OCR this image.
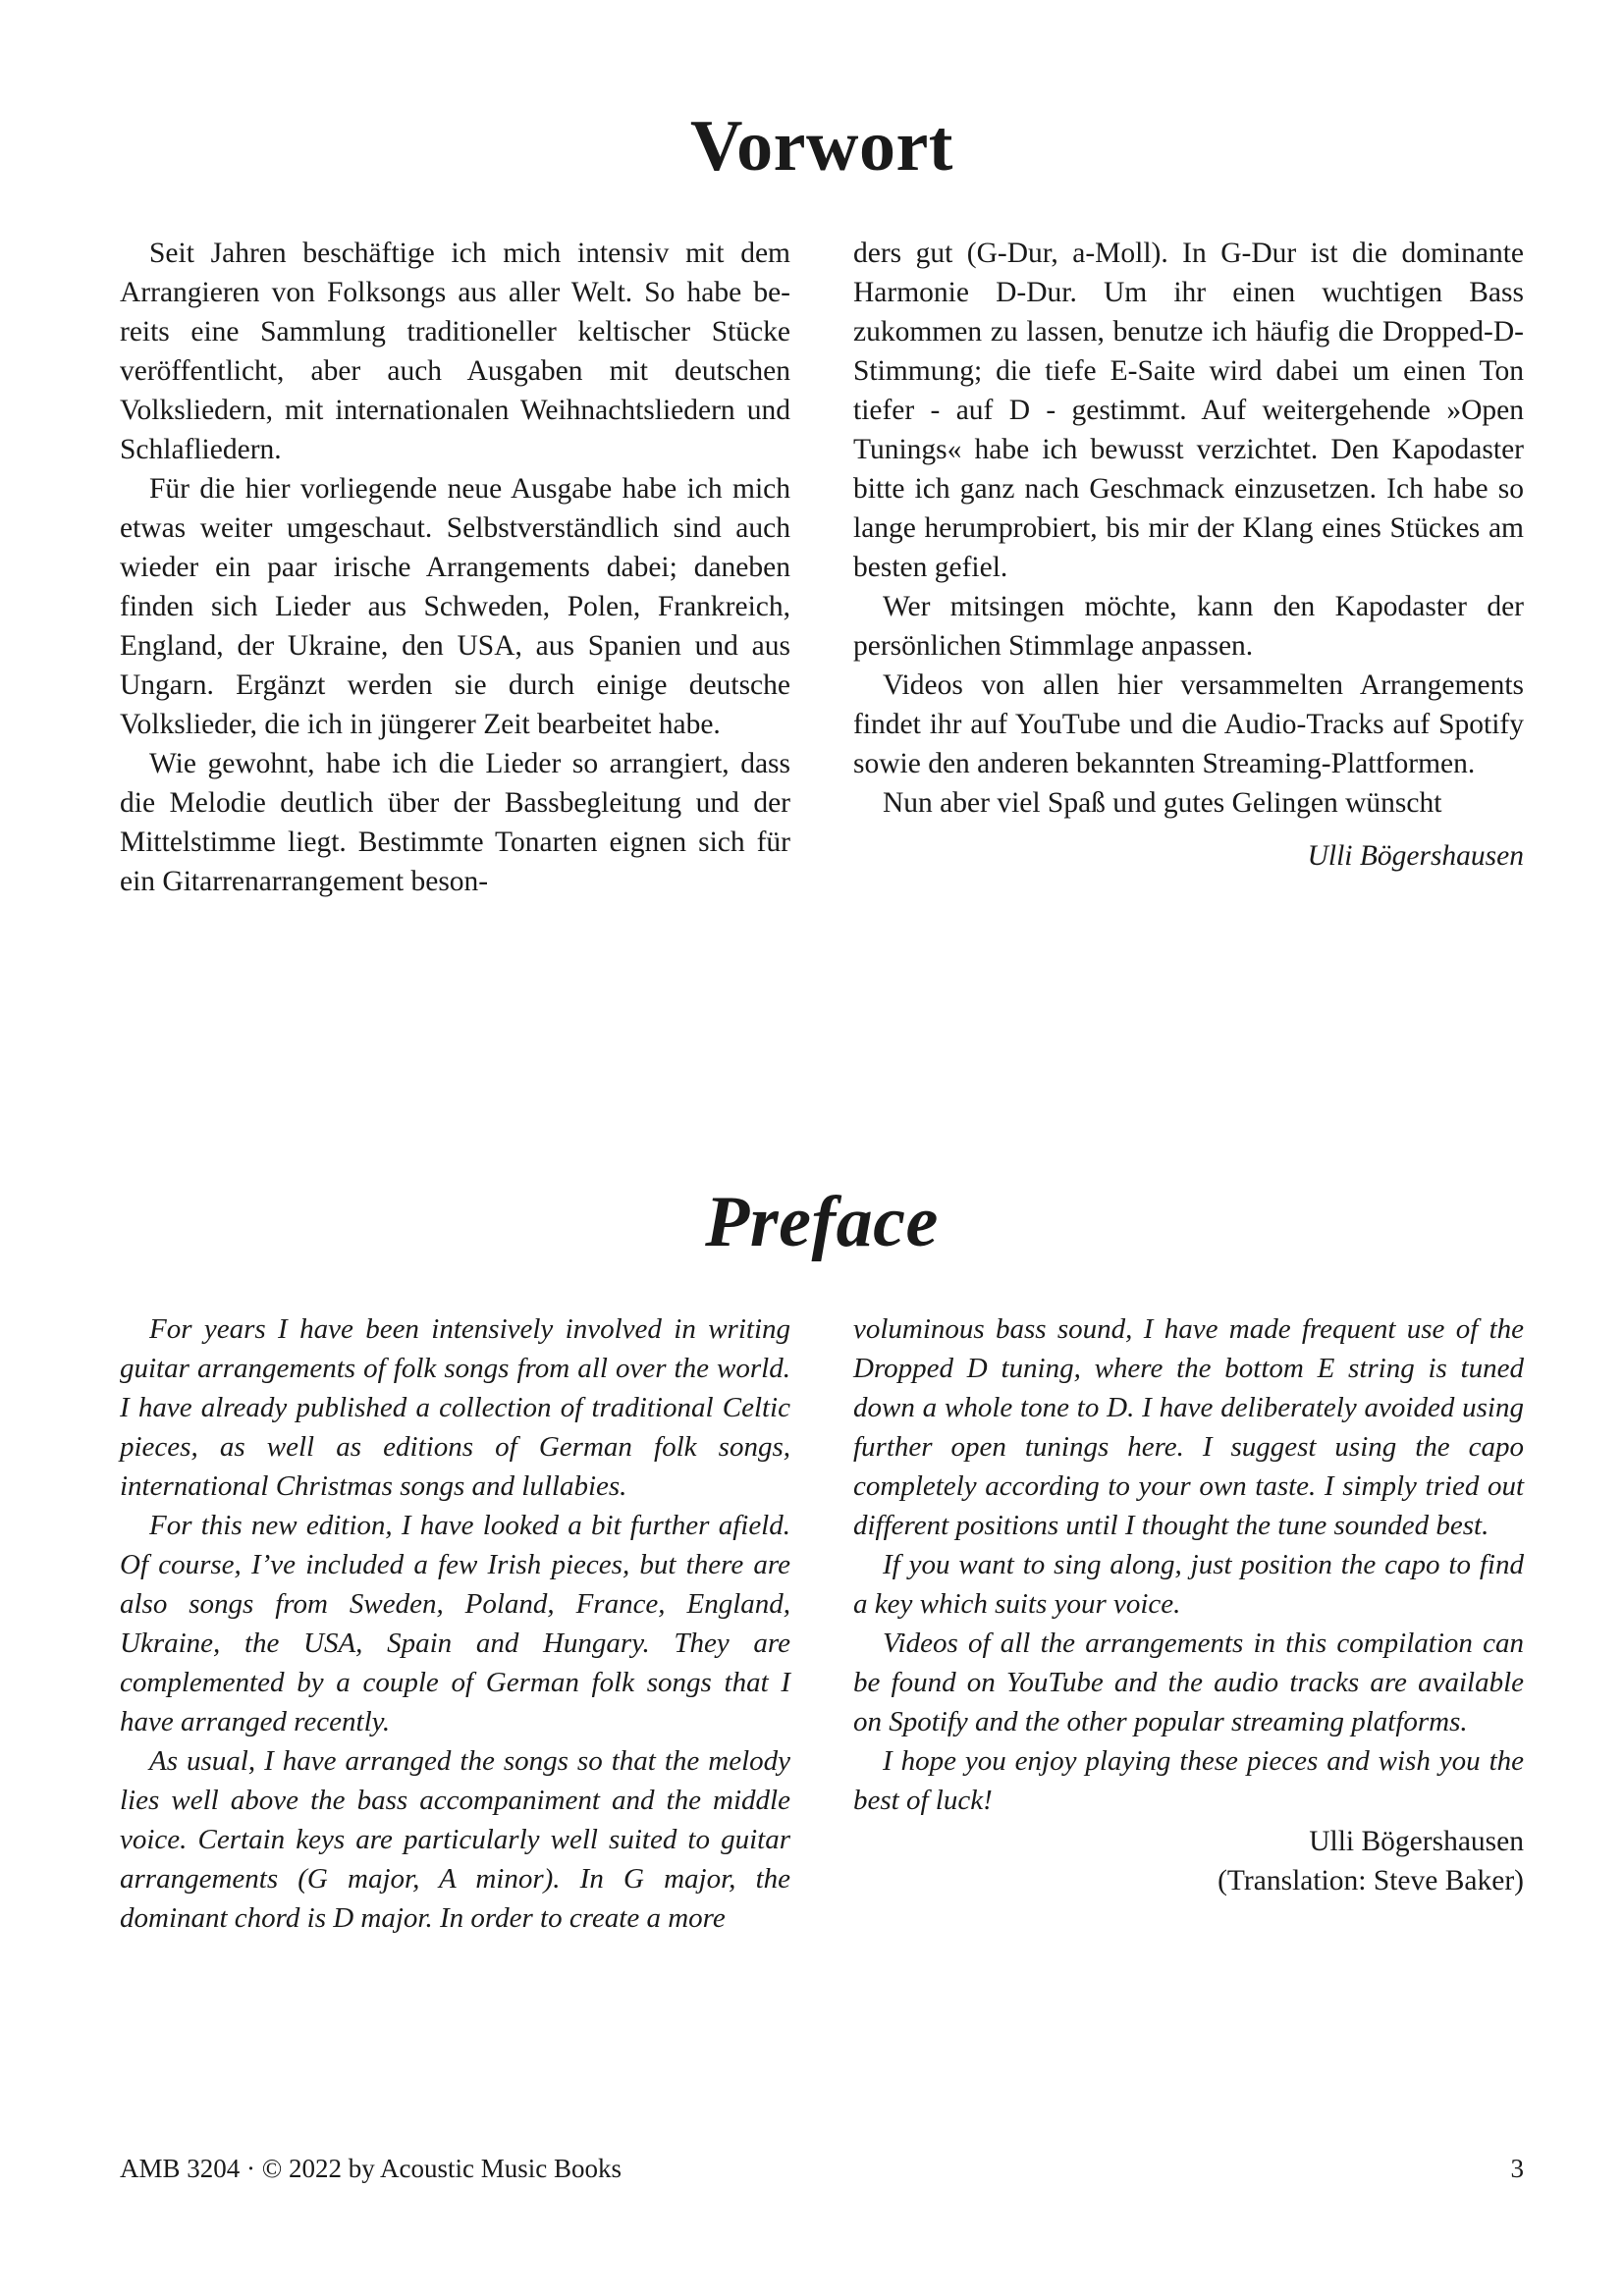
Vorwort

Seit Jahren beschäftige ich mich intensiv mit dem Arrangieren von Folksongs aus aller Welt. So habe bereits eine Sammlung traditioneller keltischer Stücke veröffentlicht, aber auch Ausgaben mit deutschen Volksliedern, mit internationalen Weihnachtsliedern und Schlafliedern.

Für die hier vorliegende neue Ausgabe habe ich mich etwas weiter umgeschaut. Selbstverständlich sind auch wieder ein paar irische Arrangements dabei; daneben finden sich Lieder aus Schweden, Polen, Frankreich, England, der Ukraine, den USA, aus Spanien und aus Ungarn. Ergänzt werden sie durch einige deutsche Volkslieder, die ich in jüngerer Zeit bearbeitet habe.

Wie gewohnt, habe ich die Lieder so arrangiert, dass die Melodie deutlich über der Bassbegleitung und der Mittelstimme liegt. Bestimmte Tonarten eignen sich für ein Gitarrenarrangement beson-

ders gut (G-Dur, a-Moll). In G-Dur ist die dominante Harmonie D-Dur. Um ihr einen wuchtigen Bass zukommen zu lassen, benutze ich häufig die Dropped-D-Stimmung; die tiefe E-Saite wird dabei um einen Ton tiefer - auf D - gestimmt. Auf weitergehende »Open Tunings« habe ich bewusst verzichtet. Den Kapodaster bitte ich ganz nach Geschmack einzusetzen. Ich habe so lange herumprobiert, bis mir der Klang eines Stückes am besten gefiel.

Wer mitsingen möchte, kann den Kapodaster der persönlichen Stimmlage anpassen.

Videos von allen hier versammelten Arrangements findet ihr auf YouTube und die Audio-Tracks auf Spotify sowie den anderen bekannten Streaming-Plattformen.

Nun aber viel Spaß und gutes Gelingen wünscht

Ulli Bögershausen
Preface

For years I have been intensively involved in writing guitar arrangements of folk songs from all over the world. I have already published a collection of traditional Celtic pieces, as well as editions of German folk songs, international Christmas songs and lullabies.

For this new edition, I have looked a bit further afield. Of course, I’ve included a few Irish pieces, but there are also songs from Sweden, Poland, France, England, Ukraine, the USA, Spain and Hungary. They are complemented by a couple of German folk songs that I have arranged recently.

As usual, I have arranged the songs so that the melody lies well above the bass accompaniment and the middle voice. Certain keys are particularly well suited to guitar arrangements (G major, A minor). In G major, the dominant chord is D major. In order to create a more

voluminous bass sound, I have made frequent use of the Dropped D tuning, where the bottom E string is tuned down a whole tone to D. I have deliberately avoided using further open tunings here. I suggest using the capo completely according to your own taste. I simply tried out different positions until I thought the tune sounded best.

If you want to sing along, just position the capo to find a key which suits your voice.

Videos of all the arrangements in this compilation can be found on YouTube and the audio tracks are available on Spotify and the other popular streaming platforms.

I hope you enjoy playing these pieces and wish you the best of luck!

Ulli Bögershausen
(Translation: Steve Baker)
AMB 3204 · © 2022 by Acoustic Music Books	3
